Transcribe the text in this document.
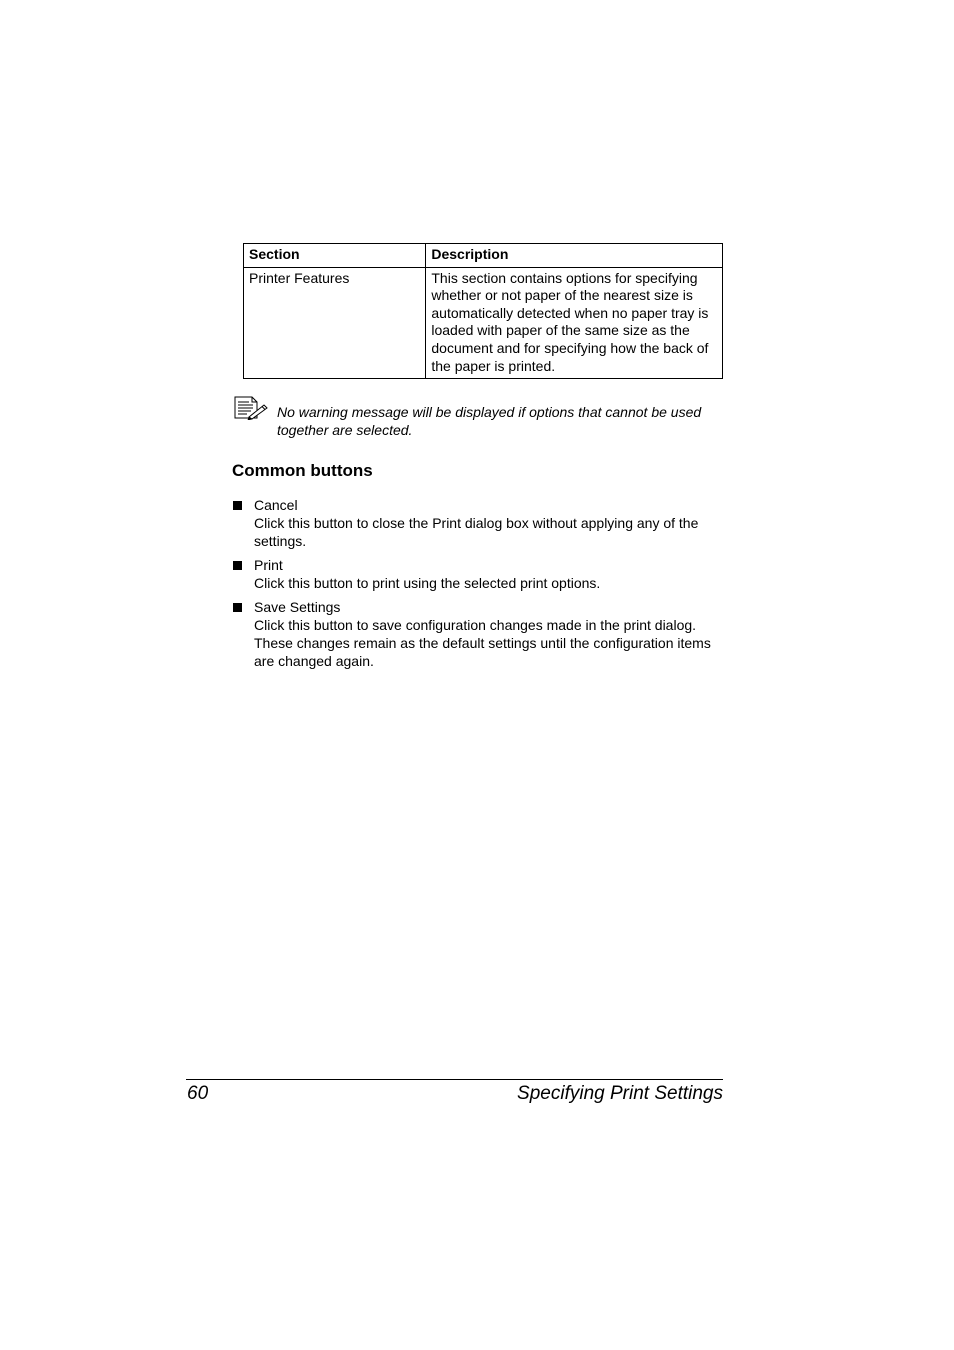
Section	Description
Printer Features	This section contains options for specifying whether or not paper of the nearest size is automatically detected when no paper tray is loaded with paper of the same size as the document and for specifying how the back of the paper is printed.
No warning message will be displayed if options that cannot be used together are selected.
Common buttons
Cancel
Click this button to close the Print dialog box without applying any of the settings.
Print
Click this button to print using the selected print options.
Save Settings
Click this button to save configuration changes made in the print dialog. These changes remain as the default settings until the configuration items are changed again.
60	Specifying Print Settings
